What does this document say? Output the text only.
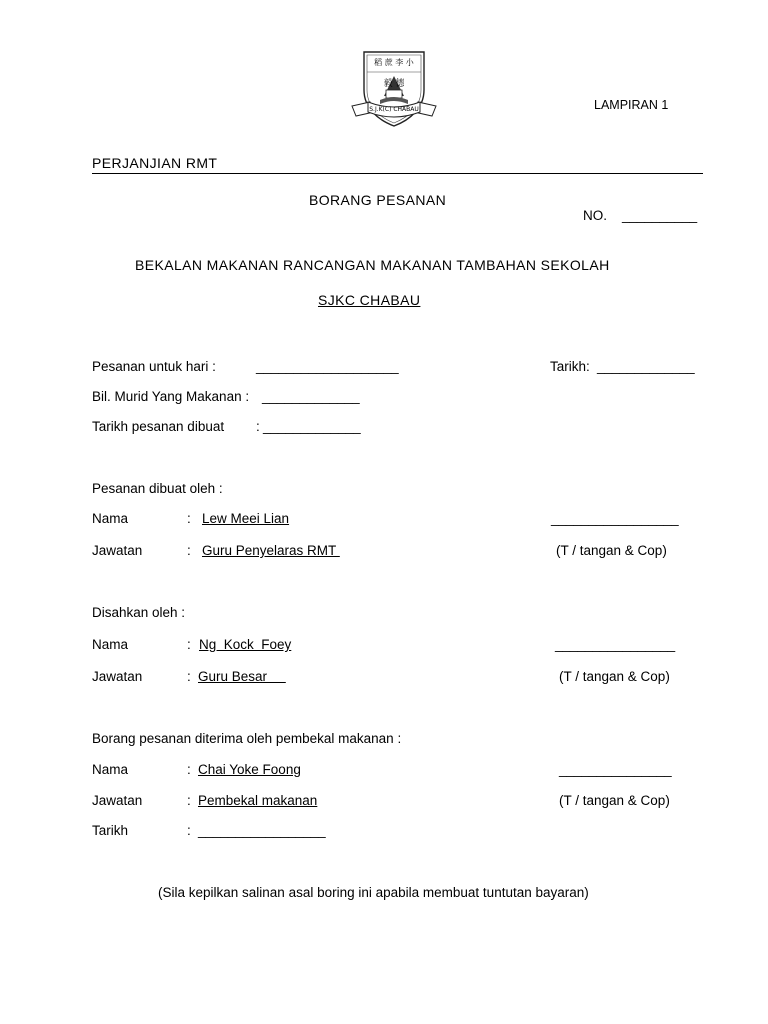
稻 蔗 李 小
毅 德
S.J.K(C) CHABAU	LAMPIRAN 1
PERJANJIAN RMT
BORANG PESANAN
NO. __________
BEKALAN MAKANAN RANCANGAN MAKANAN TAMBAHAN SEKOLAH
SJKC CHABAU
Pesanan untuk hari :	___________________	Tarikh: _____________
Bil. Murid Yang Makanan : _____________
Tarikh pesanan dibuat : _____________
Pesanan dibuat oleh :
Nama	: Lew Meei Lian	_________________
Jawatan	: Guru Penyelaras RMT	(T / tangan & Cop)
Disahkan oleh :
Nama	: Ng  Kock  Foey	________________
Jawatan	: Guru Besar	(T / tangan & Cop)
Borang pesanan diterima oleh pembekal makanan :
Nama	: Chai Yoke Foong	_______________
Jawatan	: Pembekal makanan	(T / tangan & Cop)
Tarikh	: _________________
(Sila kepilkan salinan asal boring ini apabila membuat tuntutan bayaran)
